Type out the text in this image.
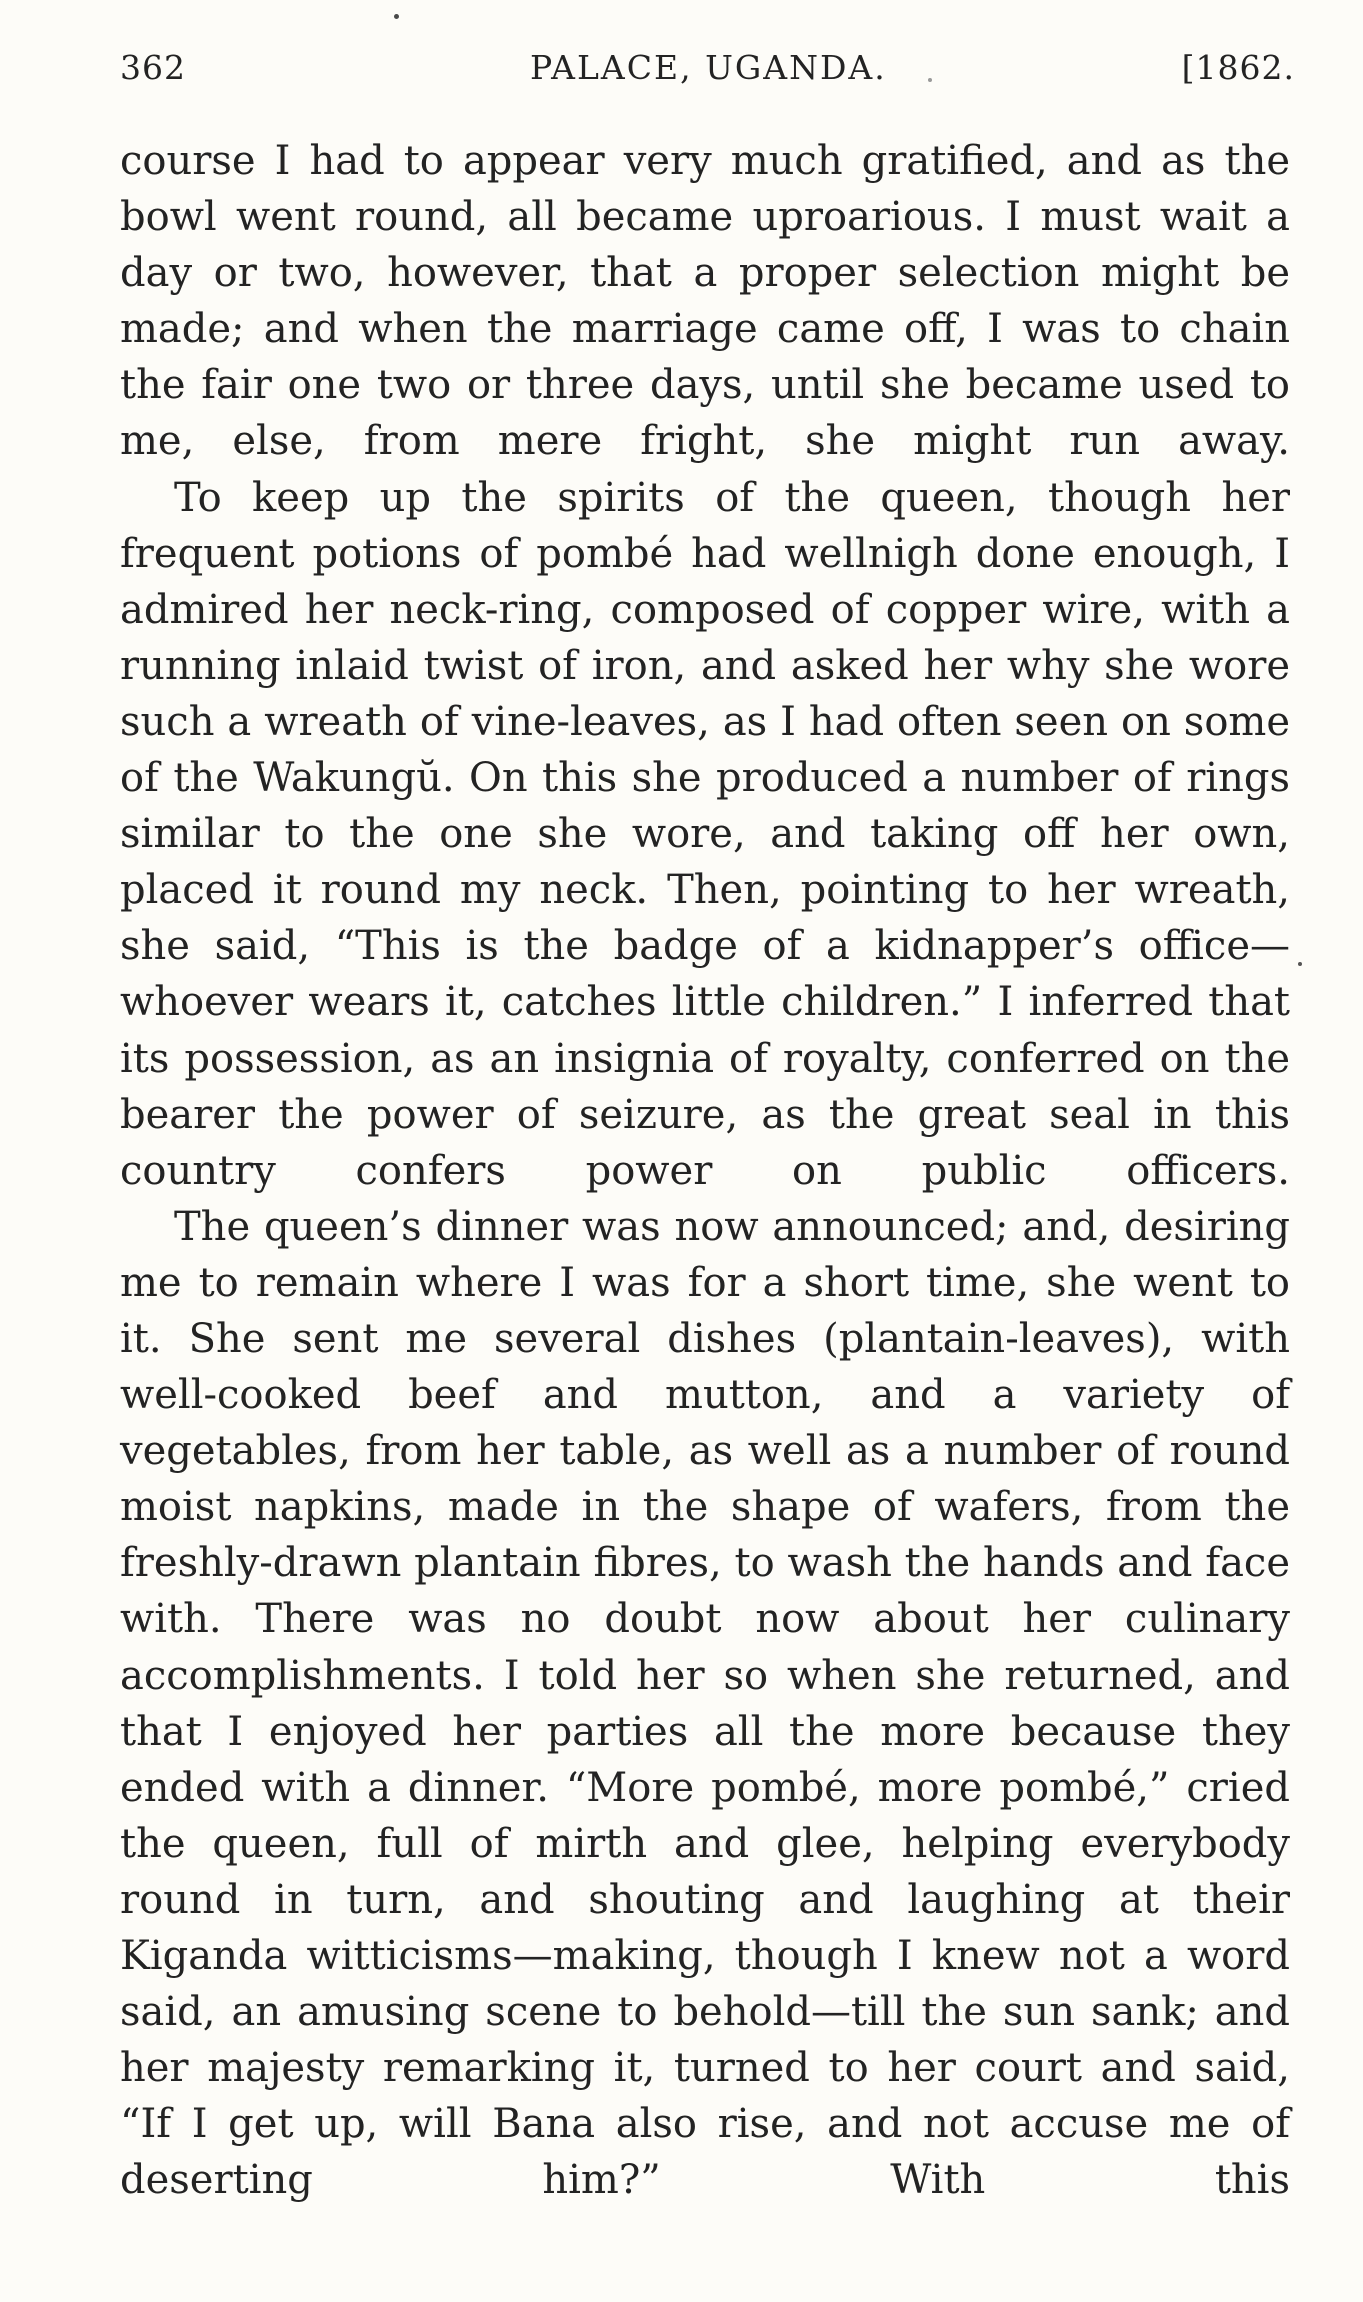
362	PALACE, UGANDA.	[1862.

course I had to appear very much gratified, and as the bowl went round, all became uproarious. I must wait a day or two, however, that a proper selection might be made; and when the marriage came off, I was to chain the fair one two or three days, until she became used to me, else, from mere fright, she might run away.

To keep up the spirits of the queen, though her frequent potions of pombé had wellnigh done enough, I admired her neck-ring, composed of copper wire, with a running inlaid twist of iron, and asked her why she wore such a wreath of vine-leaves, as I had often seen on some of the Wakungŭ. On this she produced a number of rings similar to the one she wore, and taking off her own, placed it round my neck. Then, pointing to her wreath, she said, “This is the badge of a kidnapper’s office—whoever wears it, catches little children.” I inferred that its possession, as an insignia of royalty, conferred on the bearer the power of seizure, as the great seal in this country confers power on public officers.

The queen’s dinner was now announced; and, desiring me to remain where I was for a short time, she went to it. She sent me several dishes (plantain-leaves), with well-cooked beef and mutton, and a variety of vegetables, from her table, as well as a number of round moist napkins, made in the shape of wafers, from the freshly-drawn plantain fibres, to wash the hands and face with. There was no doubt now about her culinary accomplishments. I told her so when she returned, and that I enjoyed her parties all the more because they ended with a dinner. “More pombé, more pombé,” cried the queen, full of mirth and glee, helping everybody round in turn, and shouting and laughing at their Kiganda witticisms—making, though I knew not a word said, an amusing scene to behold—till the sun sank; and her majesty remarking it, turned to her court and said, “If I get up, will Bana also rise, and not accuse me of deserting him?” With this
